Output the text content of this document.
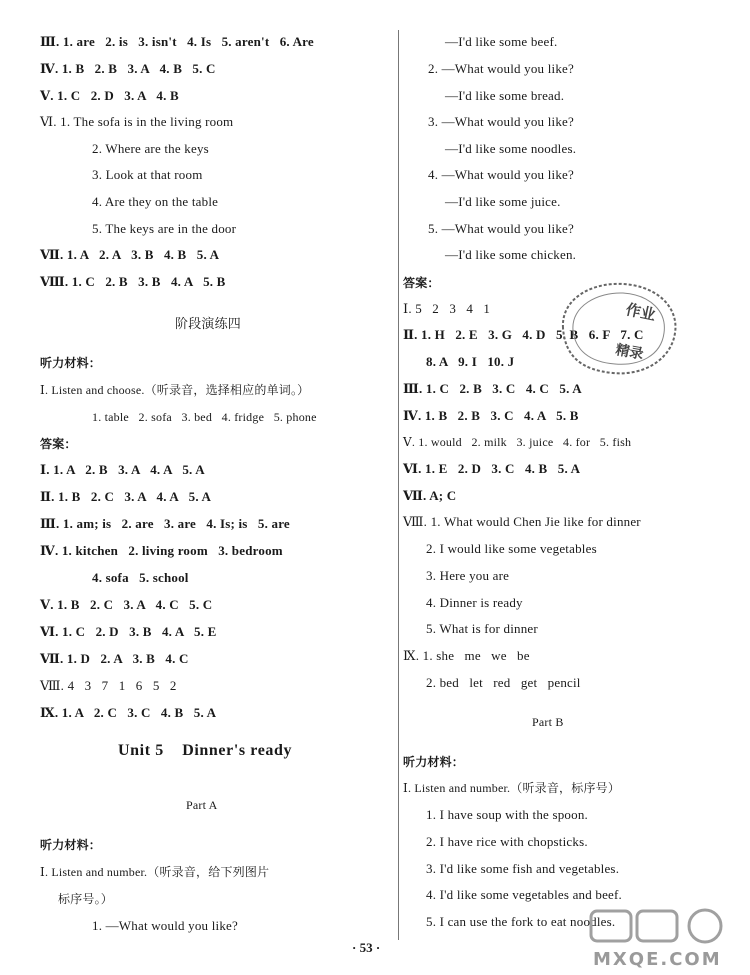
Ⅲ. 1. are   2. is   3. isn't   4. Is   5. aren't   6. Are
Ⅳ. 1. B   2. B   3. A   4. B   5. C
Ⅴ. 1. C   2. D   3. A   4. B
Ⅵ. 1. The sofa is in the living room
2. Where are the keys
3. Look at that room
4. Are they on the table
5. The keys are in the door
Ⅶ. 1. A   2. A   3. B   4. B   5. A
Ⅷ. 1. C   2. B   3. B   4. A   5. B
阶段演练四
听力材料：
Ⅰ. Listen and choose.（听录音，选择相应的单词。）
1. table   2. sofa   3. bed   4. fridge   5. phone
答案：
Ⅰ. 1. A   2. B   3. A   4. A   5. A
Ⅱ. 1. B   2. C   3. A   4. A   5. A
Ⅲ. 1. am; is   2. are   3. are   4. Is; is   5. are
Ⅳ. 1. kitchen   2. living room   3. bedroom
4. sofa   5. school
Ⅴ. 1. B   2. C   3. A   4. C   5. C
Ⅵ. 1. C   2. D   3. B   4. A   5. E
Ⅶ. 1. D   2. A   3. B   4. C
Ⅷ. 4   3   7   1   6   5   2
Ⅸ. 1. A   2. C   3. C   4. B   5. A
Unit 5    Dinner's ready
Part A
听力材料：
Ⅰ. Listen and number.（听录音，给下列图片
标序号。）
1. —What would you like?
—I'd like some beef.
2. —What would you like?
—I'd like some bread.
3. —What would you like?
—I'd like some noodles.
4. —What would you like?
—I'd like some juice.
5. —What would you like?
—I'd like some chicken.
答案：
Ⅰ. 5   2   3   4   1
Ⅱ. 1. H   2. E   3. G   4. D   5. B   6. F   7. C
8. A   9. I   10. J
Ⅲ. 1. C   2. B   3. C   4. C   5. A
Ⅳ. 1. B   2. B   3. C   4. A   5. B
Ⅴ. 1. would   2. milk   3. juice   4. for   5. fish
Ⅵ. 1. E   2. D   3. C   4. B   5. A
Ⅶ. A; C
Ⅷ. 1. What would Chen Jie like for dinner
2. I would like some vegetables
3. Here you are
4. Dinner is ready
5. What is for dinner
Ⅸ. 1. she   me   we   be
2. bed   let   red   get   pencil
Part B
听力材料：
Ⅰ. Listen and number.（听录音，标序号）
1. I have soup with the spoon.
2. I have rice with chopsticks.
3. I'd like some fish and vegetables.
4. I'd like some vegetables and beef.
5. I can use the fork to eat noodles.
· 53 ·
作业
精录
MXQE.COM
